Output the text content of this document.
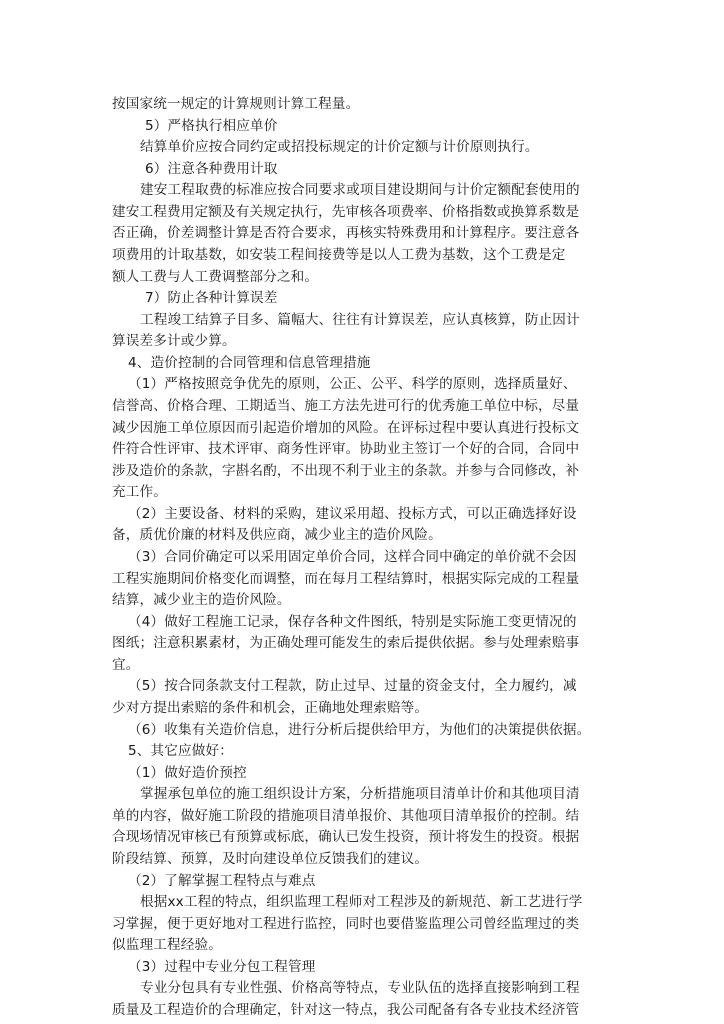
按国家统一规定的计算规则计算工程量。

5）严格执行相应单价

结算单价应按合同约定或招投标规定的计价定额与计价原则执行。

6）注意各种费用计取

建安工程取费的标准应按合同要求或项目建设期间与计价定额配套使用的

建安工程费用定额及有关规定执行，先审核各项费率、价格指数或换算系数是

否正确，价差调整计算是否符合要求，再核实特殊费用和计算程序。要注意各

项费用的计取基数，如安装工程间接费等是以人工费为基数，这个工费是定

额人工费与人工费调整部分之和。

7）防止各种计算误差

工程竣工结算子目多、篇幅大、往往有计算误差，应认真核算，防止因计

算误差多计或少算。

4、造价控制的合同管理和信息管理措施

（1）严格按照竞争优先的原则，公正、公平、科学的原则，选择质量好、

信誉高、价格合理、工期适当、施工方法先进可行的优秀施工单位中标，尽量

减少因施工单位原因而引起造价增加的风险。在评标过程中要认真进行投标文

件符合性评审、技术评审、商务性评审。协助业主签订一个好的合同，合同中

涉及造价的条款，字斟名酌，不出现不利于业主的条款。并参与合同修改，补

充工作。

（2）主要设备、材料的采购，建议采用超、投标方式，可以正确选择好设

备，质优价廉的材料及供应商，减少业主的造价风险。

（3）合同价确定可以采用固定单价合同，这样合同中确定的单价就不会因

工程实施期间价格变化而调整，而在每月工程结算时，根据实际完成的工程量

结算，减少业主的造价风险。

（4）做好工程施工记录，保存各种文件图纸，特别是实际施工变更情况的

图纸；注意积累素材，为正确处理可能发生的索后提供依据。参与处理索赔事

宜。

（5）按合同条款支付工程款，防止过早、过量的资金支付，全力履约，减

少对方提出索赔的条件和机会，正确地处理索赔等。

（6）收集有关造价信息，进行分析后提供给甲方，为他们的决策提供依据。

5、其它应做好：

（1）做好造价预控

掌握承包单位的施工组织设计方案，分析措施项目清单计价和其他项目清

单的内容，做好施工阶段的措施项目清单报价、其他项目清单报价的控制。结

合现场情况审核已有预算或标底，确认已发生投资，预计将发生的投资。根据

阶段结算、预算，及时向建设单位反馈我们的建议。

（2）了解掌握工程特点与难点

根据xx工程的特点，组织监理工程师对工程涉及的新规范、新工艺进行学

习掌握，便于更好地对工程进行监控，同时也要借鉴监理公司曾经监理过的类

似监理工程经验。

（3）过程中专业分包工程管理

专业分包具有专业性强、价格高等特点，专业队伍的选择直接影响到工程

质量及工程造价的合理确定，针对这一特点，我公司配备有各专业技术经济管
